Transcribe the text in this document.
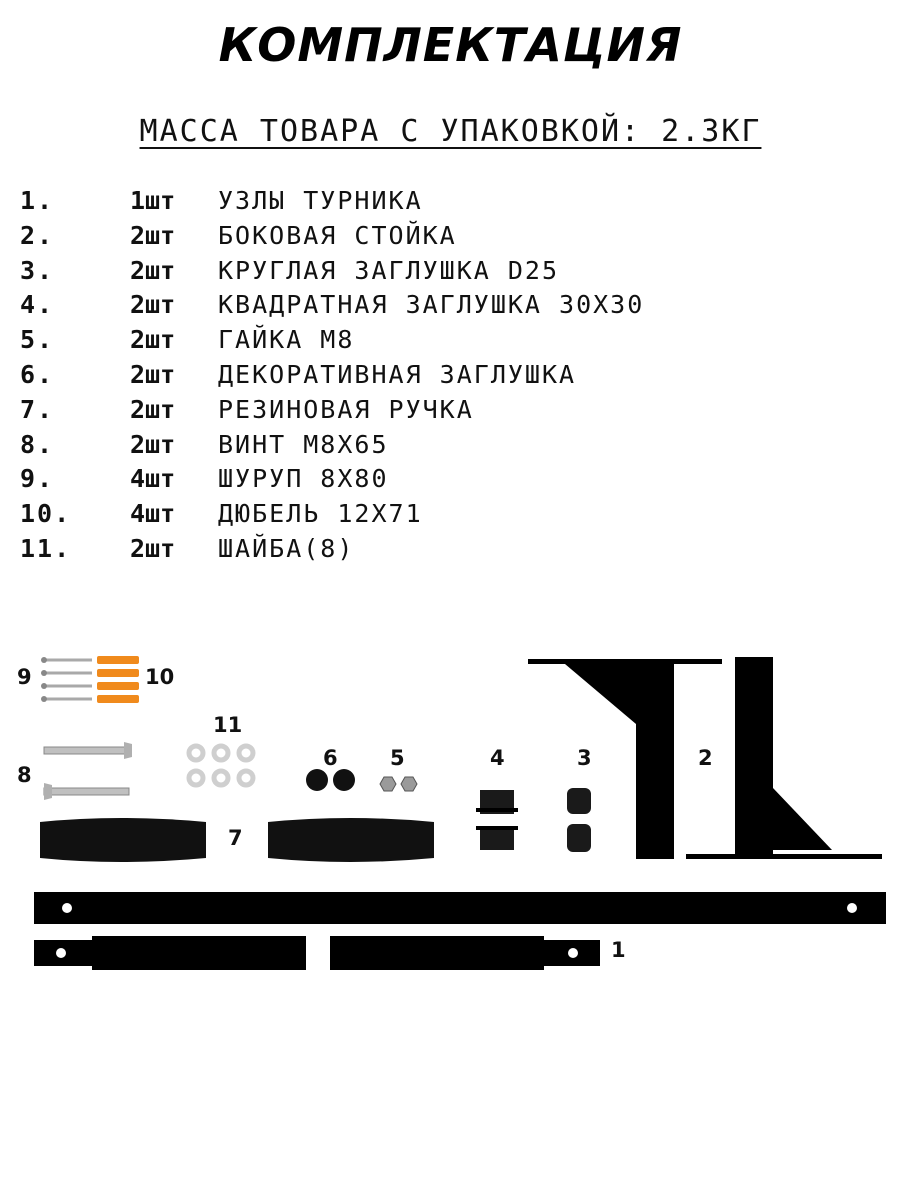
КОМПЛЕКТАЦИЯ
МАССА ТОВАРА С УПАКОВКОЙ: 2.3КГ
1.	1шт УЗЛЫ ТУРНИКА
2.	2шт БОКОВАЯ СТОЙКА
3.	2шт КРУГЛАЯ ЗАГЛУШКА D25
4.	2шт КВАДРАТНАЯ ЗАГЛУШКА 30Х30
5.	2шт ГАЙКА М8
6.	2шт ДЕКОРАТИВНАЯ ЗАГЛУШКА
7.	2шт РЕЗИНОВАЯ РУЧКА
8.	2шт ВИНТ М8Х65
9.	4шт ШУРУП 8Х80
10. 4шт ДЮБЕЛЬ 12Х71
11. 2шт ШАЙБА(8)
9	10
11
8
6 5	4	3	2
7
1
